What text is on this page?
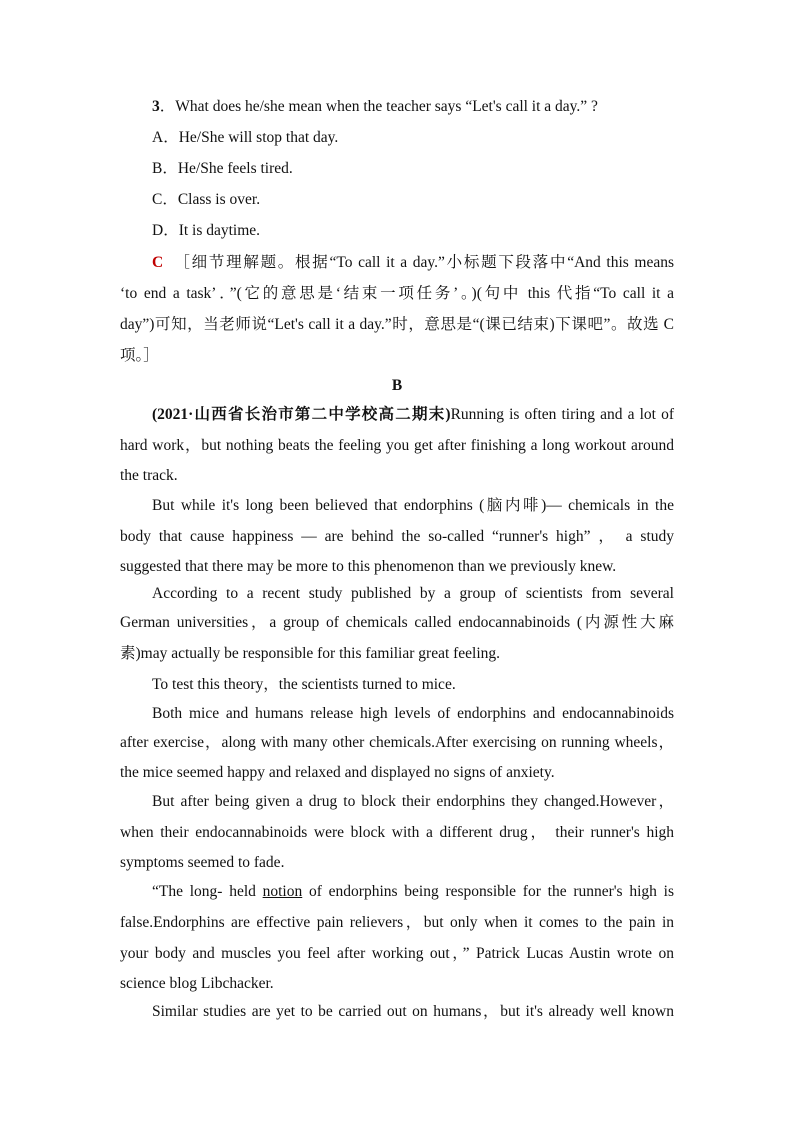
3．What does he/she mean when the teacher says “Let's call it a day.” ?
A．He/She will stop that day.
B．He/She feels tired.
C．Class is over.
D．It is daytime.
C ［细节理解题。根据“To call it a day.”小标题下段落中“And this means
‘to end a task’．”(它的意思是‘结束一项任务’。)(句中 this 代指“To call it a
day”)可知，当老师说“Let's call it a day.”时，意思是“(课已结束)下课吧”。故选 C
项。］
B
(2021·山西省长治市第二中学校高二期末)Running is often tiring and a lot of
hard work，but nothing beats the feeling you get after finishing a long workout around
the track.
But while it's long been believed that endorphins (脑内啡)— chemicals in the
body that cause happiness — are behind the so-called “runner's high” ， a study
suggested that there may be more to this phenomenon than we previously knew.
According to a recent study published by a group of scientists from several
German universities，a group of chemicals called endocannabinoids (内源性大麻
素)may actually be responsible for this familiar great feeling.
To test this theory，the scientists turned to mice.
Both mice and humans release high levels of endorphins and endocannabinoids
after exercise，along with many other chemicals.After exercising on running wheels，
the mice seemed happy and relaxed and displayed no signs of anxiety.
But after being given a drug to block their endorphins they changed.However，
when their endocannabinoids were block with a different drug， their runner's high
symptoms seemed to fade.
“The long- held notion of endorphins being responsible for the runner's high is
false.Endorphins are effective pain relievers，but only when it comes to the pain in
your body and muscles you feel after working out，” Patrick Lucas Austin wrote on
science blog Libchacker.
Similar studies are yet to be carried out on humans，but it's already well known
